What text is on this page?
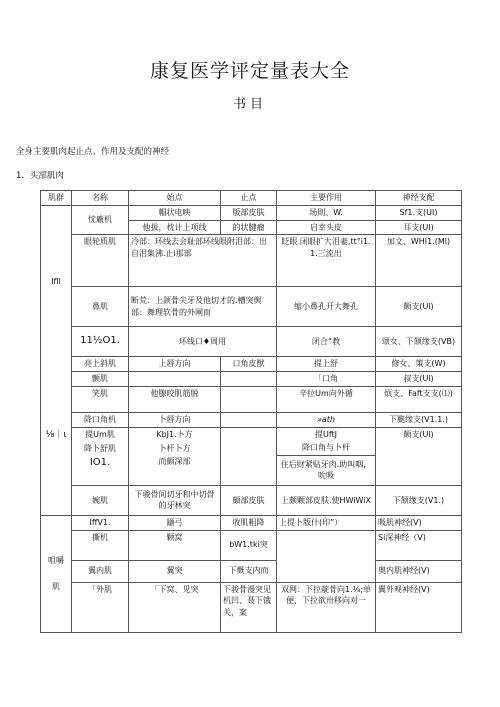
康复医学评定量表大全
书目
全身主要肌肉起止点、作用及支配的神经
1．头部肌肉
肌群	名称	始点	止点	主要作用	神经支配
Ifll	忱廠机	帽状电映	版部皮肤	场則、W.	Sf1.支(UI)
		他拔，枕计上项线	的状腱瘤	启幸头皮	耳支(UI)
	眼轮质肌	冷部：环线去会耻部环线眼附泪部：出自泪集沸.止i那部		眨眼 闭眼扩大泪妻,tt°i1.1.三流出	加文、WHI1.(Ml)
	鼻肌	断荒：上颌骨尖牙及他切才的.槽突舆部：舞理软骨的外阐而		缩小鼻孔开大舞孔	颇支(Ul)
	11½O1.	环线口♦周用		闭合“教	颂女、下颔缘支(VB)
⅛｜ι	亮上斜肌	上唇方向	口角皮獣	提上舒	修女、策支(W)
	颤肌			「口角	叔支(Ul)
	笑肌	他腺咬肌筋脱		辛拉Um向外循	烦支、Faft支支(⑴)
	降口角机	卜唇方向		»ath	下颫缘支(V1.1.)
	提Um肌	KbJ1.卜方		提UftJ	颇支(Ul)
	降卜舒肌	卜杆卜方		降口角与卜杆	
	IO1.	而颇深部		住后财紧贴牙肉.助叫咽，吮吸	
	婉肌	下骏骨间切牙和中切骨的牙林突	颇部皮肤	上颇颗部皮肤.使HWiWiX	下颔缘支(V1.)
咀嚼
肌	IffV1.	颛弓	收肌粗降	上提卜版什(印”）	吸肌神经(V)
	撕机	颗窝	bW1.tki突		Si深神经（V)
	翼内肌	翼突	下慨支内而		奥内肌神经(V)
	「外肌	「下窝、见突	下骏骨漫突见机凹、聂下饿关，案	双网：下拉靛骨向1.⅛;单便，下拉欲卅移向对一	翼外观神经(V)
